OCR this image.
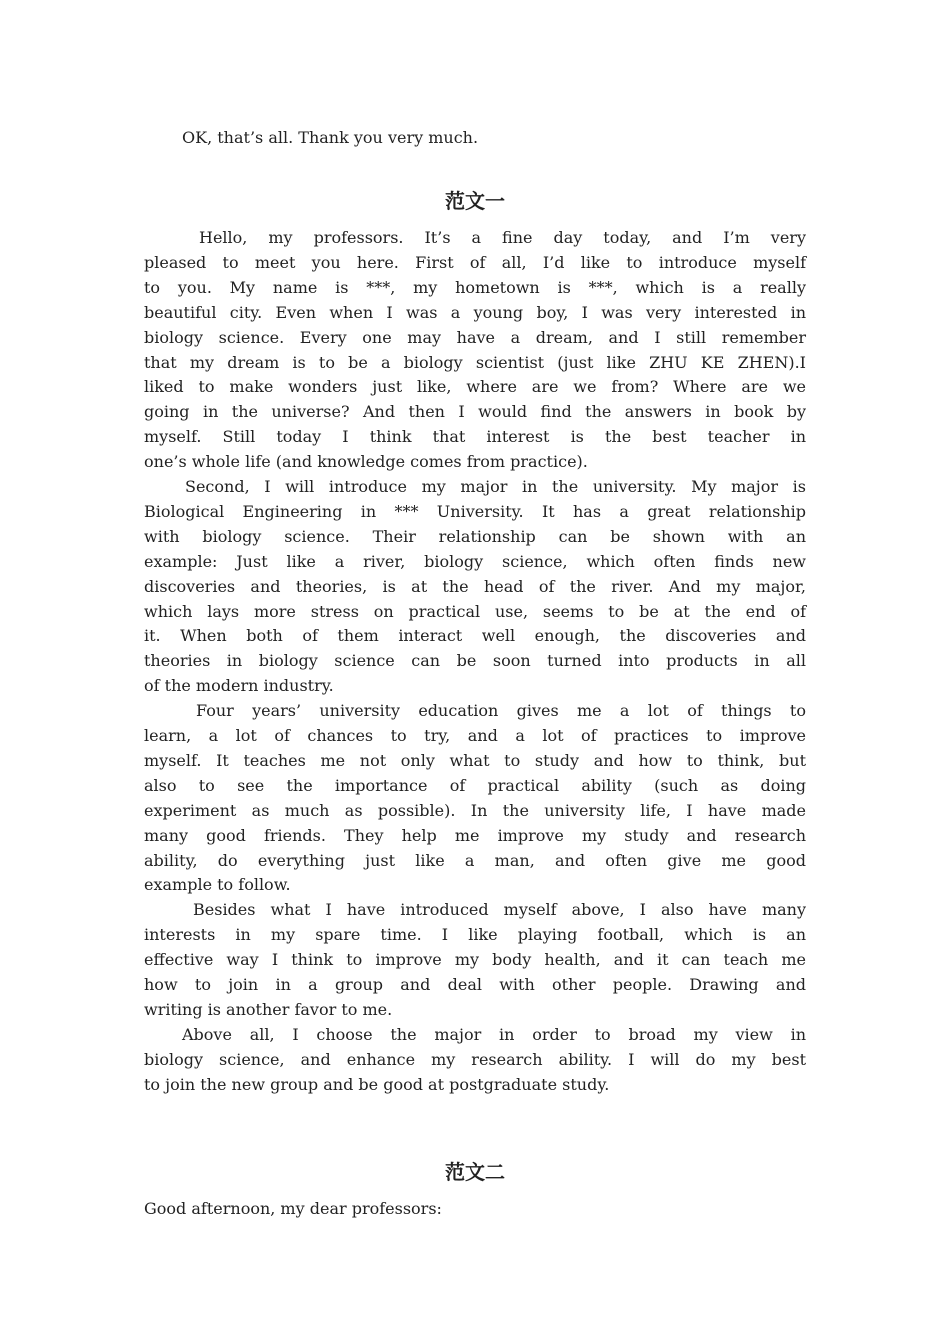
OK, that’s all. Thank you very much.
范文一
Hello, my professors. It’s a fine day today, and I’m very
pleased to meet you here. First of all, I’d like to introduce myself
to you. My name is ***, my hometown is ***, which is a really
beautiful city. Even when I was a young boy, I was very interested in
biology science. Every one may have a dream, and I still remember
that my dream is to be a biology scientist (just like ZHU KE ZHEN).I
liked to make wonders just like, where are we from? Where are we
going in the universe? And then I would find the answers in book by
myself. Still today I think that interest is the best teacher in
one’s whole life (and knowledge comes from practice).
Second, I will introduce my major in the university. My major is
Biological Engineering in *** University. It has a great relationship
with biology science. Their relationship can be shown with an
example: Just like a river, biology science, which often finds new
discoveries and theories, is at the head of the river. And my major,
which lays more stress on practical use, seems to be at the end of
it. When both of them interact well enough, the discoveries and
theories in biology science can be soon turned into products in all
of the modern industry.
Four years’ university education gives me a lot of things to
learn, a lot of chances to try, and a lot of practices to improve
myself. It teaches me not only what to study and how to think, but
also to see the importance of practical ability (such as doing
experiment as much as possible). In the university life, I have made
many good friends. They help me improve my study and research
ability, do everything just like a man, and often give me good
example to follow.
Besides what I have introduced myself above, I also have many
interests in my spare time. I like playing football, which is an
effective way I think to improve my body health, and it can teach me
how to join in a group and deal with other people. Drawing and
writing is another favor to me.
Above all, I choose the major in order to broad my view in
biology science, and enhance my research ability. I will do my best
to join the new group and be good at postgraduate study.
范文二
Good afternoon, my dear professors:
